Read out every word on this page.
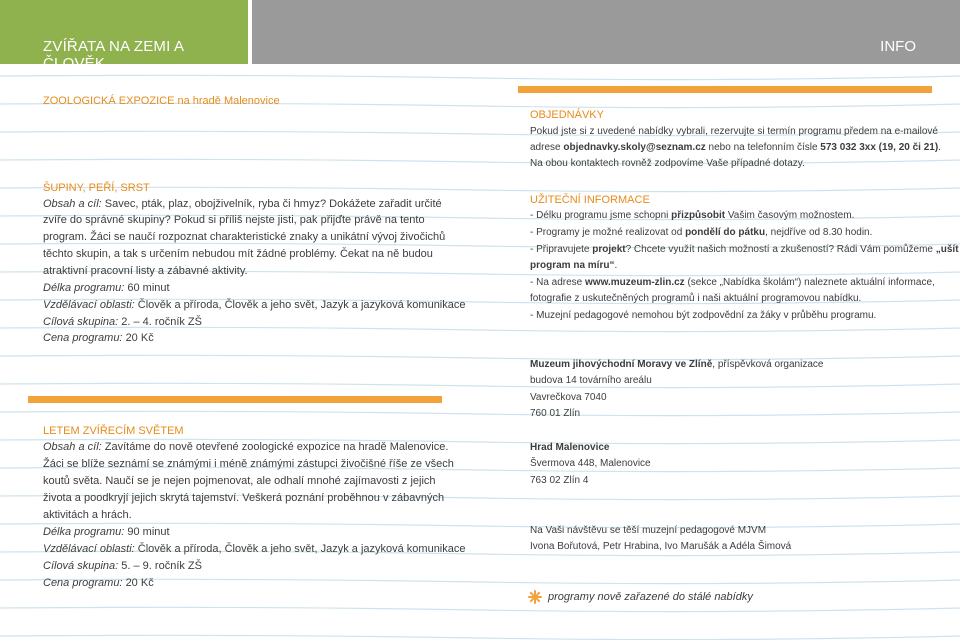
ZVÍŘATA NA ZEMI A ČLOVĚK
INFO
ZOOLOGICKÁ EXPOZICE na hradě Malenovice
ŠUPINY, PEŘÍ, SRST
Obsah a cíl: Savec, pták, plaz, obojživelník, ryba či hmyz? Dokážete zařadit určité
zvíře do správné skupiny? Pokud si příliš nejste jisti, pak přijďte právě na tento
program. Žáci se naučí rozpoznat charakteristické znaky a unikátní vývoj živočichů
těchto skupin, a tak s určením nebudou mít žádné problémy. Čekat na ně budou
atraktivní pracovní listy a zábavné aktivity.
Délka programu: 60 minut
Vzdělávací oblasti: Člověk a příroda, Člověk a jeho svět, Jazyk a jazyková komunikace
Cílová skupina: 2. – 4. ročník ZŠ
Cena programu: 20 Kč
LETEM ZVÍŘECÍM SVĚTEM
Obsah a cíl: Zavítáme do nově otevřené zoologické expozice na hradě Malenovice.
Žáci se blíže seznámí se známými i méně známými zástupci živočišné říše ze všech
koutů světa. Naučí se je nejen pojmenovat, ale odhalí mnohé zajímavosti z jejich
života a poodkryjí jejich skrytá tajemství. Veškerá poznání proběhnou v zábavných
aktivitách a hrách.
Délka programu: 90 minut
Vzdělávací oblasti: Člověk a příroda, Člověk a jeho svět, Jazyk a jazyková komunikace
Cílová skupina: 5. – 9. ročník ZŠ
Cena programu: 20 Kč
OBJEDNÁVKY
Pokud jste si z uvedené nabídky vybrali, rezervujte si termín programu předem na e-mailové
adrese objednavky.skoly@seznam.cz nebo na telefonním čísle 573 032 3xx (19, 20 či 21).
Na obou kontaktech rovněž zodpovíme Vaše případné dotazy.
UŽITEČNÍ INFORMACE
- Délku programu jsme schopni přizpůsobit Vašim časovým možnostem.
- Programy je možné realizovat od pondělí do pátku, nejdříve od 8.30 hodin.
- Připravujete projekt? Chcete využít našich možností a zkušeností? Rádi Vám pomůžeme „ušít
program na míru“.
- Na adrese www.muzeum-zlin.cz (sekce „Nabídka školám“) naleznete aktuální informace,
fotografie z uskutečněných programů i naši aktuální programovou nabídku.
- Muzejní pedagogové nemohou být zodpovědní za žáky v průběhu programu.
Muzeum jihovýchodní Moravy ve Zlíně, příspěvková organizace
budova 14 továrního areálu
Vavrečkova 7040
760 01 Zlín
Hrad Malenovice
Švermova 448, Malenovice
763 02 Zlín 4
Na Vaši návštěvu se těší muzejní pedagogové MJVM
Ivona Bořutová, Petr Hrabina, Ivo Marušák a Adéla Šimová
programy nově zařazené do stálé nabídky
